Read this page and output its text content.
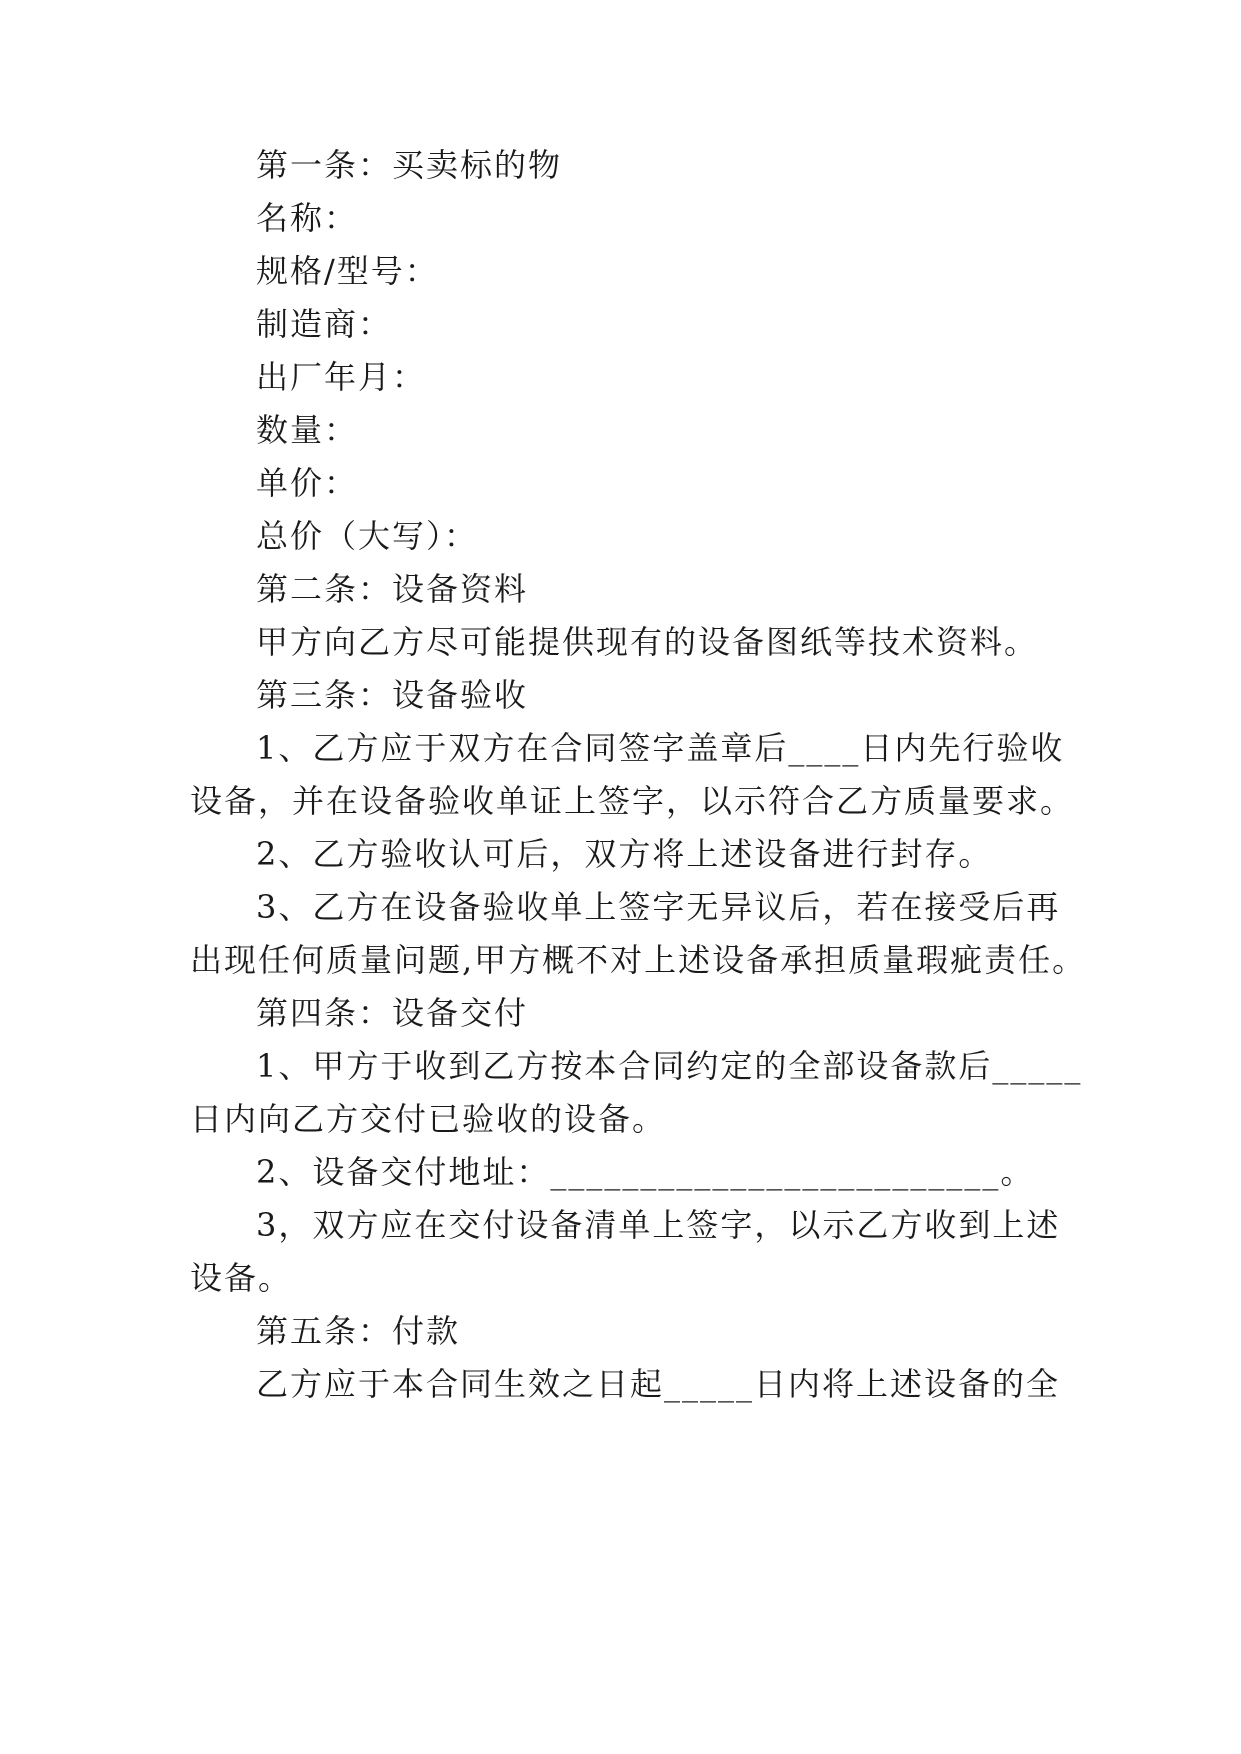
第一条：买卖标的物
名称：
规格/型号：
制造商：
出厂年月：
数量：
单价：
总价（大写）：
第二条：设备资料
甲方向乙方尽可能提供现有的设备图纸等技术资料。
第三条：设备验收
1、乙方应于双方在合同签字盖章后____日内先行验收
设备，并在设备验收单证上签字，以示符合乙方质量要求。
2、乙方验收认可后，双方将上述设备进行封存。
3、乙方在设备验收单上签字无异议后，若在接受后再
出现任何质量问题,甲方概不对上述设备承担质量瑕疵责任。
第四条：设备交付
1、甲方于收到乙方按本合同约定的全部设备款后_____
日内向乙方交付已验收的设备。
2、设备交付地址：_________________________。
3，双方应在交付设备清单上签字，以示乙方收到上述
设备。
第五条：付款
乙方应于本合同生效之日起_____日内将上述设备的全
